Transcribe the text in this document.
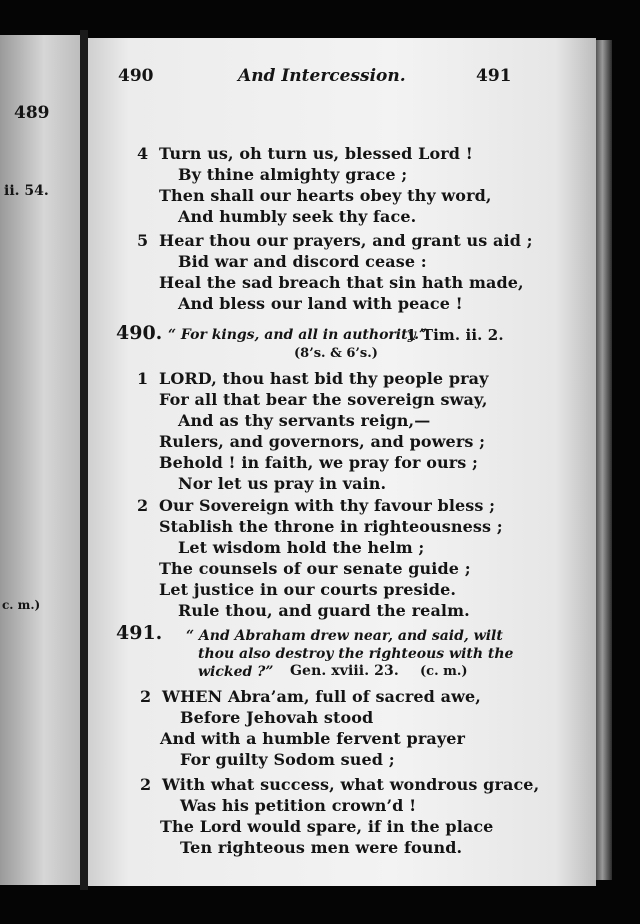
489
ii. 54.
c. m.)
490	And Intercession.	491
4 Turn us, oh turn us, blessed Lord !
By thine almighty grace ;
Then shall our hearts obey thy word,
And humbly seek thy face.
5 Hear thou our prayers, and grant us aid ;
Bid war and discord cease :
Heal the sad breach that sin hath made,
And bless our land with peace !
490. “ For kings, and all in authority.”
1 Tim. ii. 2.
(8’s. & 6’s.)
1 LORD, thou hast bid thy people pray
For all that bear the sovereign sway,
And as thy servants reign,—
Rulers, and governors, and powers ;
Behold ! in faith, we pray for ours ;
Nor let us pray in vain.
2 Our Sovereign with thy favour bless ;
Stablish the throne in righteousness ;
Let wisdom hold the helm ;
The counsels of our senate guide ;
Let justice in our courts preside.
Rule thou, and guard the realm.
491. “ And Abraham drew near, and said, wilt
thou also destroy the righteous with the
wicked ?” Gen. xviii. 23. (c. m.)
2 WHEN Abra’am, full of sacred awe,
Before Jehovah stood
And with a humble fervent prayer
For guilty Sodom sued ;
2 With what success, what wondrous grace,
Was his petition crown’d !
The Lord would spare, if in the place
Ten righteous men were found.
